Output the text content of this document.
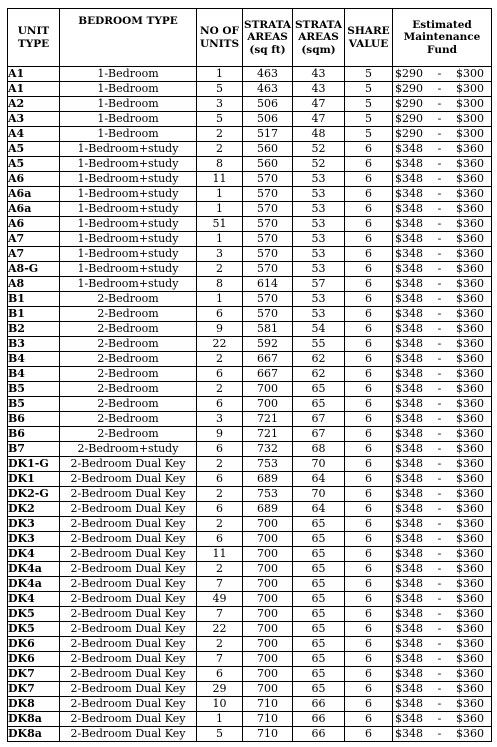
UNIT TYPE	BEDROOM TYPE	NO OF UNITS	STRATA AREAS (sq ft)	STRATA AREAS (sqm)	SHARE VALUE	Estimated Maintenance Fund
A1	1-Bedroom	1	463	43	5	$290 - $300
A1	1-Bedroom	5	463	43	5	$290 - $300
A2	1-Bedroom	3	506	47	5	$290 - $300
A3	1-Bedroom	5	506	47	5	$290 - $300
A4	1-Bedroom	2	517	48	5	$290 - $300
A5	1-Bedroom+study	2	560	52	6	$348 - $360
A5	1-Bedroom+study	8	560	52	6	$348 - $360
A6	1-Bedroom+study	11	570	53	6	$348 - $360
A6a	1-Bedroom+study	1	570	53	6	$348 - $360
A6a	1-Bedroom+study	1	570	53	6	$348 - $360
A6	1-Bedroom+study	51	570	53	6	$348 - $360
A7	1-Bedroom+study	1	570	53	6	$348 - $360
A7	1-Bedroom+study	3	570	53	6	$348 - $360
A8-G	1-Bedroom+study	2	570	53	6	$348 - $360
A8	1-Bedroom+study	8	614	57	6	$348 - $360
B1	2-Bedroom	1	570	53	6	$348 - $360
B1	2-Bedroom	6	570	53	6	$348 - $360
B2	2-Bedroom	9	581	54	6	$348 - $360
B3	2-Bedroom	22	592	55	6	$348 - $360
B4	2-Bedroom	2	667	62	6	$348 - $360
B4	2-Bedroom	6	667	62	6	$348 - $360
B5	2-Bedroom	2	700	65	6	$348 - $360
B5	2-Bedroom	6	700	65	6	$348 - $360
B6	2-Bedroom	3	721	67	6	$348 - $360
B6	2-Bedroom	9	721	67	6	$348 - $360
B7	2-Bedroom+study	6	732	68	6	$348 - $360
DK1-G	2-Bedroom Dual Key	2	753	70	6	$348 - $360
DK1	2-Bedroom Dual Key	6	689	64	6	$348 - $360
DK2-G	2-Bedroom Dual Key	2	753	70	6	$348 - $360
DK2	2-Bedroom Dual Key	6	689	64	6	$348 - $360
DK3	2-Bedroom Dual Key	2	700	65	6	$348 - $360
DK3	2-Bedroom Dual Key	6	700	65	6	$348 - $360
DK4	2-Bedroom Dual Key	11	700	65	6	$348 - $360
DK4a	2-Bedroom Dual Key	2	700	65	6	$348 - $360
DK4a	2-Bedroom Dual Key	7	700	65	6	$348 - $360
DK4	2-Bedroom Dual Key	49	700	65	6	$348 - $360
DK5	2-Bedroom Dual Key	7	700	65	6	$348 - $360
DK5	2-Bedroom Dual Key	22	700	65	6	$348 - $360
DK6	2-Bedroom Dual Key	2	700	65	6	$348 - $360
DK6	2-Bedroom Dual Key	7	700	65	6	$348 - $360
DK7	2-Bedroom Dual Key	6	700	65	6	$348 - $360
DK7	2-Bedroom Dual Key	29	700	65	6	$348 - $360
DK8	2-Bedroom Dual Key	10	710	66	6	$348 - $360
DK8a	2-Bedroom Dual Key	1	710	66	6	$348 - $360
DK8a	2-Bedroom Dual Key	5	710	66	6	$348 - $360
